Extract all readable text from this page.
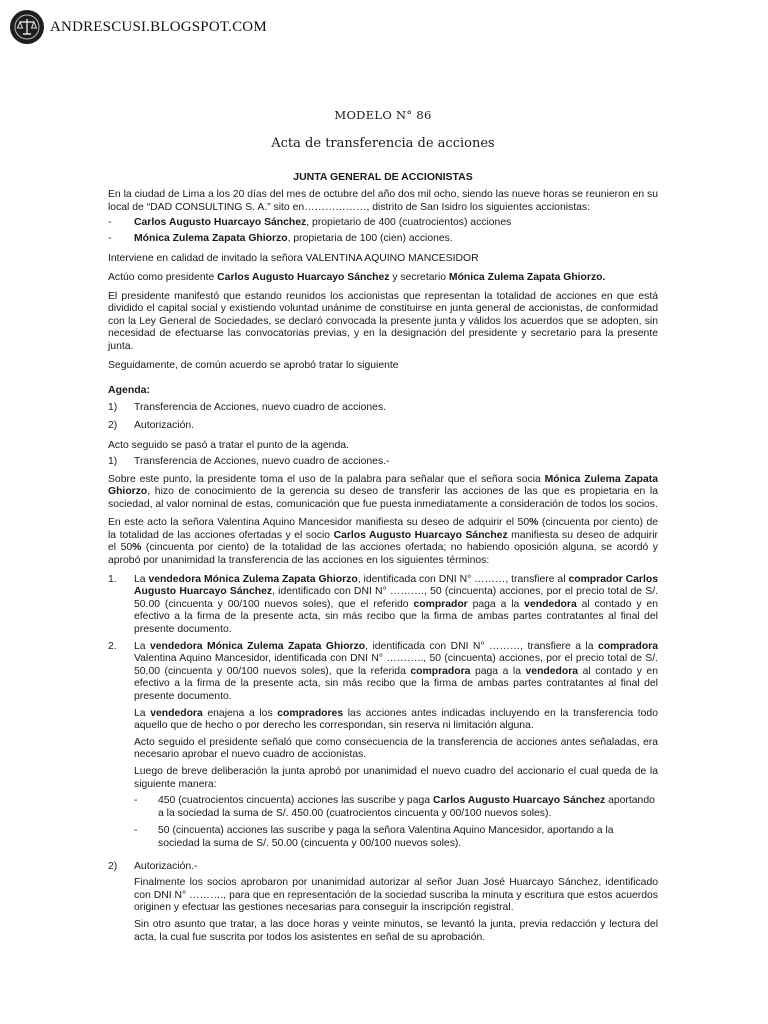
ANDRESCUSI.BLOGSPOT.COM
MODELO N° 86
Acta de transferencia de acciones
JUNTA GENERAL DE ACCIONISTAS

En la ciudad de Lima a los 20 días del mes de octubre del año dos mil ocho, siendo las nueve horas se reunieron en su local de “DAD CONSULTING S. A.” sito en………………, distrito de San Isidro los siguientes accionistas:

-	Carlos Augusto Huarcayo Sánchez, propietario de 400 (cuatrocientos) acciones
-	Mónica Zulema Zapata Ghiorzo, propietaria de 100 (cien) acciones.

Interviene en calidad de invitado la señora VALENTINA AQUINO MANCESIDOR

Actúo como presidente Carlos Augusto Huarcayo Sánchez y secretario Mónica Zulema Zapata Ghiorzo.

El presidente manifestó que estando reunidos los accionistas que representan la totalidad de acciones en que está dividido el capital social y existiendo voluntad unánime de constituirse en junta general de accionistas, de conformidad con la Ley General de Sociedades, se declaró convocada la presente junta y válidos los acuerdos que se adopten, sin necesidad de efectuarse las convocatorias previas, y en la designación del presidente y secretario para la presente junta.

Seguidamente, de común acuerdo se aprobó tratar lo siguiente

Agenda:
1)	Transferencia de Acciones, nuevo cuadro de acciones.
2)	Autorización.

Acto seguido se pasó a tratar el punto de la agenda.

1)	Transferencia de Acciones, nuevo cuadro de acciones.-

Sobre este punto, la presidente toma el uso de la palabra para señalar que el señora socia Mónica Zulema Zapata Ghiorzo, hizo de conocimiento de la gerencia su deseo de transferir las acciones de las que es propietaria en la sociedad, al valor nominal de estas, comunicación que fue puesta inmediatamente a consideración de todos los socios.

En este acto la señora Valentina Aquino Mancesidor manifiesta su deseo de adquirir el 50% (cincuenta por ciento) de la totalidad de las acciones ofertadas y el socio Carlos Augusto Huarcayo Sánchez manifiesta su deseo de adquirir el 50% (cincuenta por ciento) de la totalidad de las acciones ofertada; no habiendo oposición alguna, se acordó y aprobó por unanimidad la transferencia de las acciones en los siguientes términos:

1.	La vendedora Mónica Zulema Zapata Ghiorzo, identificada con DNI N° ………, transfiere al comprador Carlos Augusto Huarcayo Sánchez, identificado con DNI N° ………., 50 (cincuenta) acciones, por el precio total de S/. 50.00 (cincuenta y 00/100 nuevos soles), que el referido comprador paga a la vendedora al contado y en efectivo a la firma de la presente acta, sin más recibo que la firma de ambas partes contratantes al final del presente documento.

2.	La vendedora Mónica Zulema Zapata Ghiorzo, identificada con DNI N° ………, transfiere a la compradora Valentina Aquino Mancesidor, identificada con DNI N° ……….., 50 (cincuenta) acciones, por el precio total de S/. 50,00 (cincuenta y 00/100 nuevos soles), que la referida compradora paga a la vendedora al contado y en efectivo a la firma de la presente acta, sin más recibo que la firma de ambas partes contratantes al final del presente documento.

La vendedora enajena a los compradores las acciones antes indicadas incluyendo en la transferencia todo aquello que de hecho o por derecho les correspondan, sin reserva ni limitación alguna.

Acto seguido el presidente señaló que como consecuencia de la transferencia de acciones antes señaladas, era necesario aprobar el nuevo cuadro de accionistas.

Luego de breve deliberación la junta aprobó por unanimidad el nuevo cuadro del accionario el cual queda de la siguiente manera:

-	450 (cuatrocientos cincuenta) acciones las suscribe y paga Carlos Augusto Huarcayo Sánchez aportando a la sociedad la suma de S/. 450.00 (cuatrocientos cincuenta y 00/100 nuevos soles).
-	50 (cincuenta) acciones las suscribe y paga la señora Valentina Aquino Mancesidor, aportando a la sociedad la suma de S/. 50.00 (cincuenta y 00/100 nuevos soles).
2)	Autorización.-

Finalmente los socios aprobaron por unanimidad autorizar al señor Juan José Huarcayo Sánchez, identificado con DNI N° ………., para que en representación de la sociedad suscriba la minuta y escritura que estos acuerdos originen y efectuar las gestiones necesarias para conseguir la inscripción registral.

Sin otro asunto que tratar, a las doce horas y veinte minutos, se levantó la junta, previa redacción y lectura del acta, la cual fue suscrita por todos los asistentes en señal de su aprobación.
